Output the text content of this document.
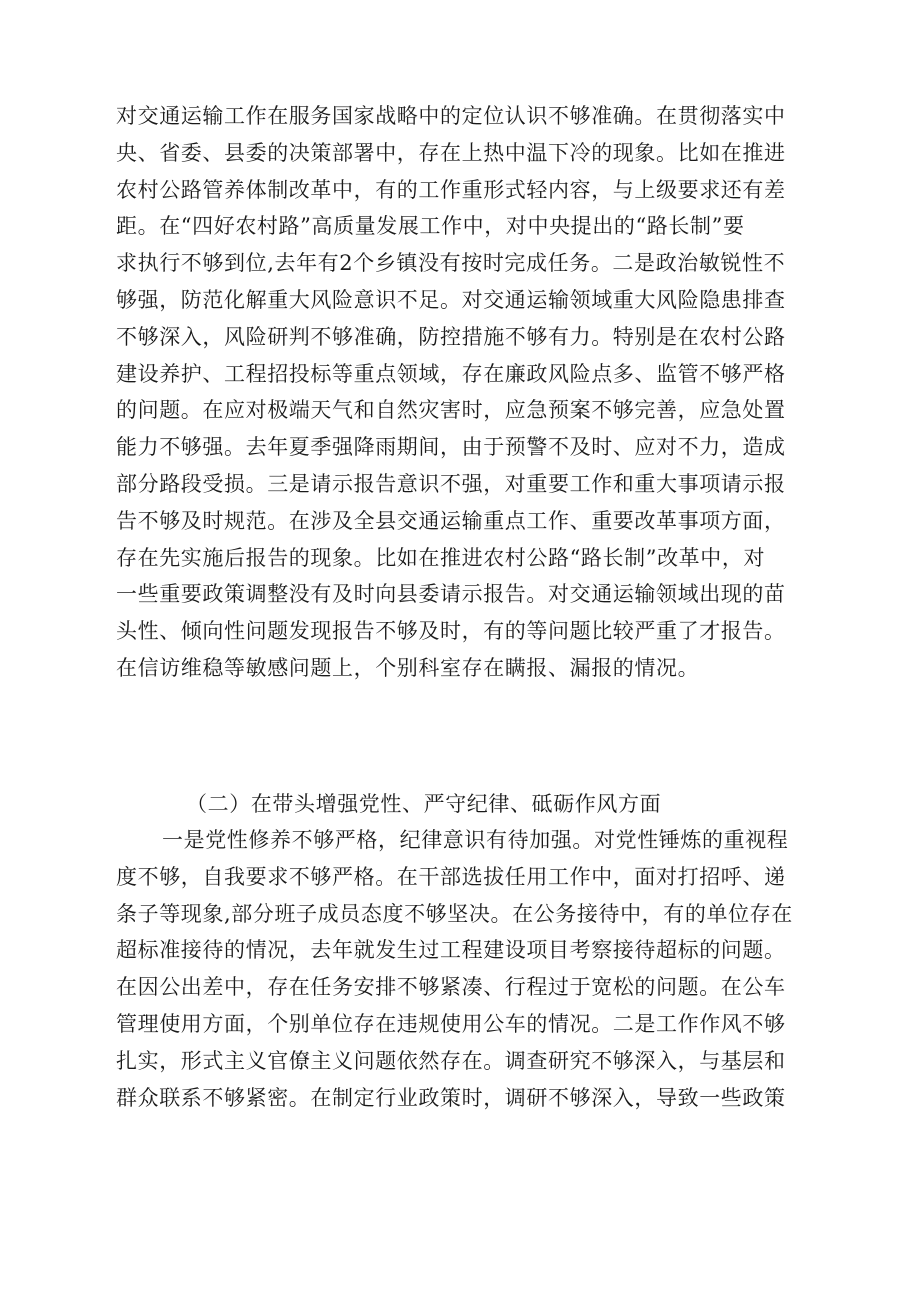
对交通运输工作在服务国家战略中的定位认识不够准确。在贯彻落实中
央、省委、县委的决策部署中，存在上热中温下冷的现象。比如在推进
农村公路管养体制改革中，有的工作重形式轻内容，与上级要求还有差
距。在“四好农村路”高质量发展工作中，对中央提出的“路长制”要
求执行不够到位,去年有2个乡镇没有按时完成任务。二是政治敏锐性不
够强，防范化解重大风险意识不足。对交通运输领域重大风险隐患排查
不够深入，风险研判不够准确，防控措施不够有力。特别是在农村公路
建设养护、工程招投标等重点领域，存在廉政风险点多、监管不够严格
的问题。在应对极端天气和自然灾害时，应急预案不够完善，应急处置
能力不够强。去年夏季强降雨期间，由于预警不及时、应对不力，造成
部分路段受损。三是请示报告意识不强，对重要工作和重大事项请示报
告不够及时规范。在涉及全县交通运输重点工作、重要改革事项方面，
存在先实施后报告的现象。比如在推进农村公路“路长制”改革中，对
一些重要政策调整没有及时向县委请示报告。对交通运输领域出现的苗
头性、倾向性问题发现报告不够及时，有的等问题比较严重了才报告。
在信访维稳等敏感问题上，个别科室存在瞒报、漏报的情况。
（二）在带头增强党性、严守纪律、砥砺作风方面
一是党性修养不够严格，纪律意识有待加强。对党性锤炼的重视程
度不够，自我要求不够严格。在干部选拔任用工作中，面对打招呼、递
条子等现象,部分班子成员态度不够坚决。在公务接待中，有的单位存在
超标准接待的情况，去年就发生过工程建设项目考察接待超标的问题。
在因公出差中，存在任务安排不够紧凑、行程过于宽松的问题。在公车
管理使用方面，个别单位存在违规使用公车的情况。二是工作作风不够
扎实，形式主义官僚主义问题依然存在。调查研究不够深入，与基层和
群众联系不够紧密。在制定行业政策时，调研不够深入，导致一些政策
